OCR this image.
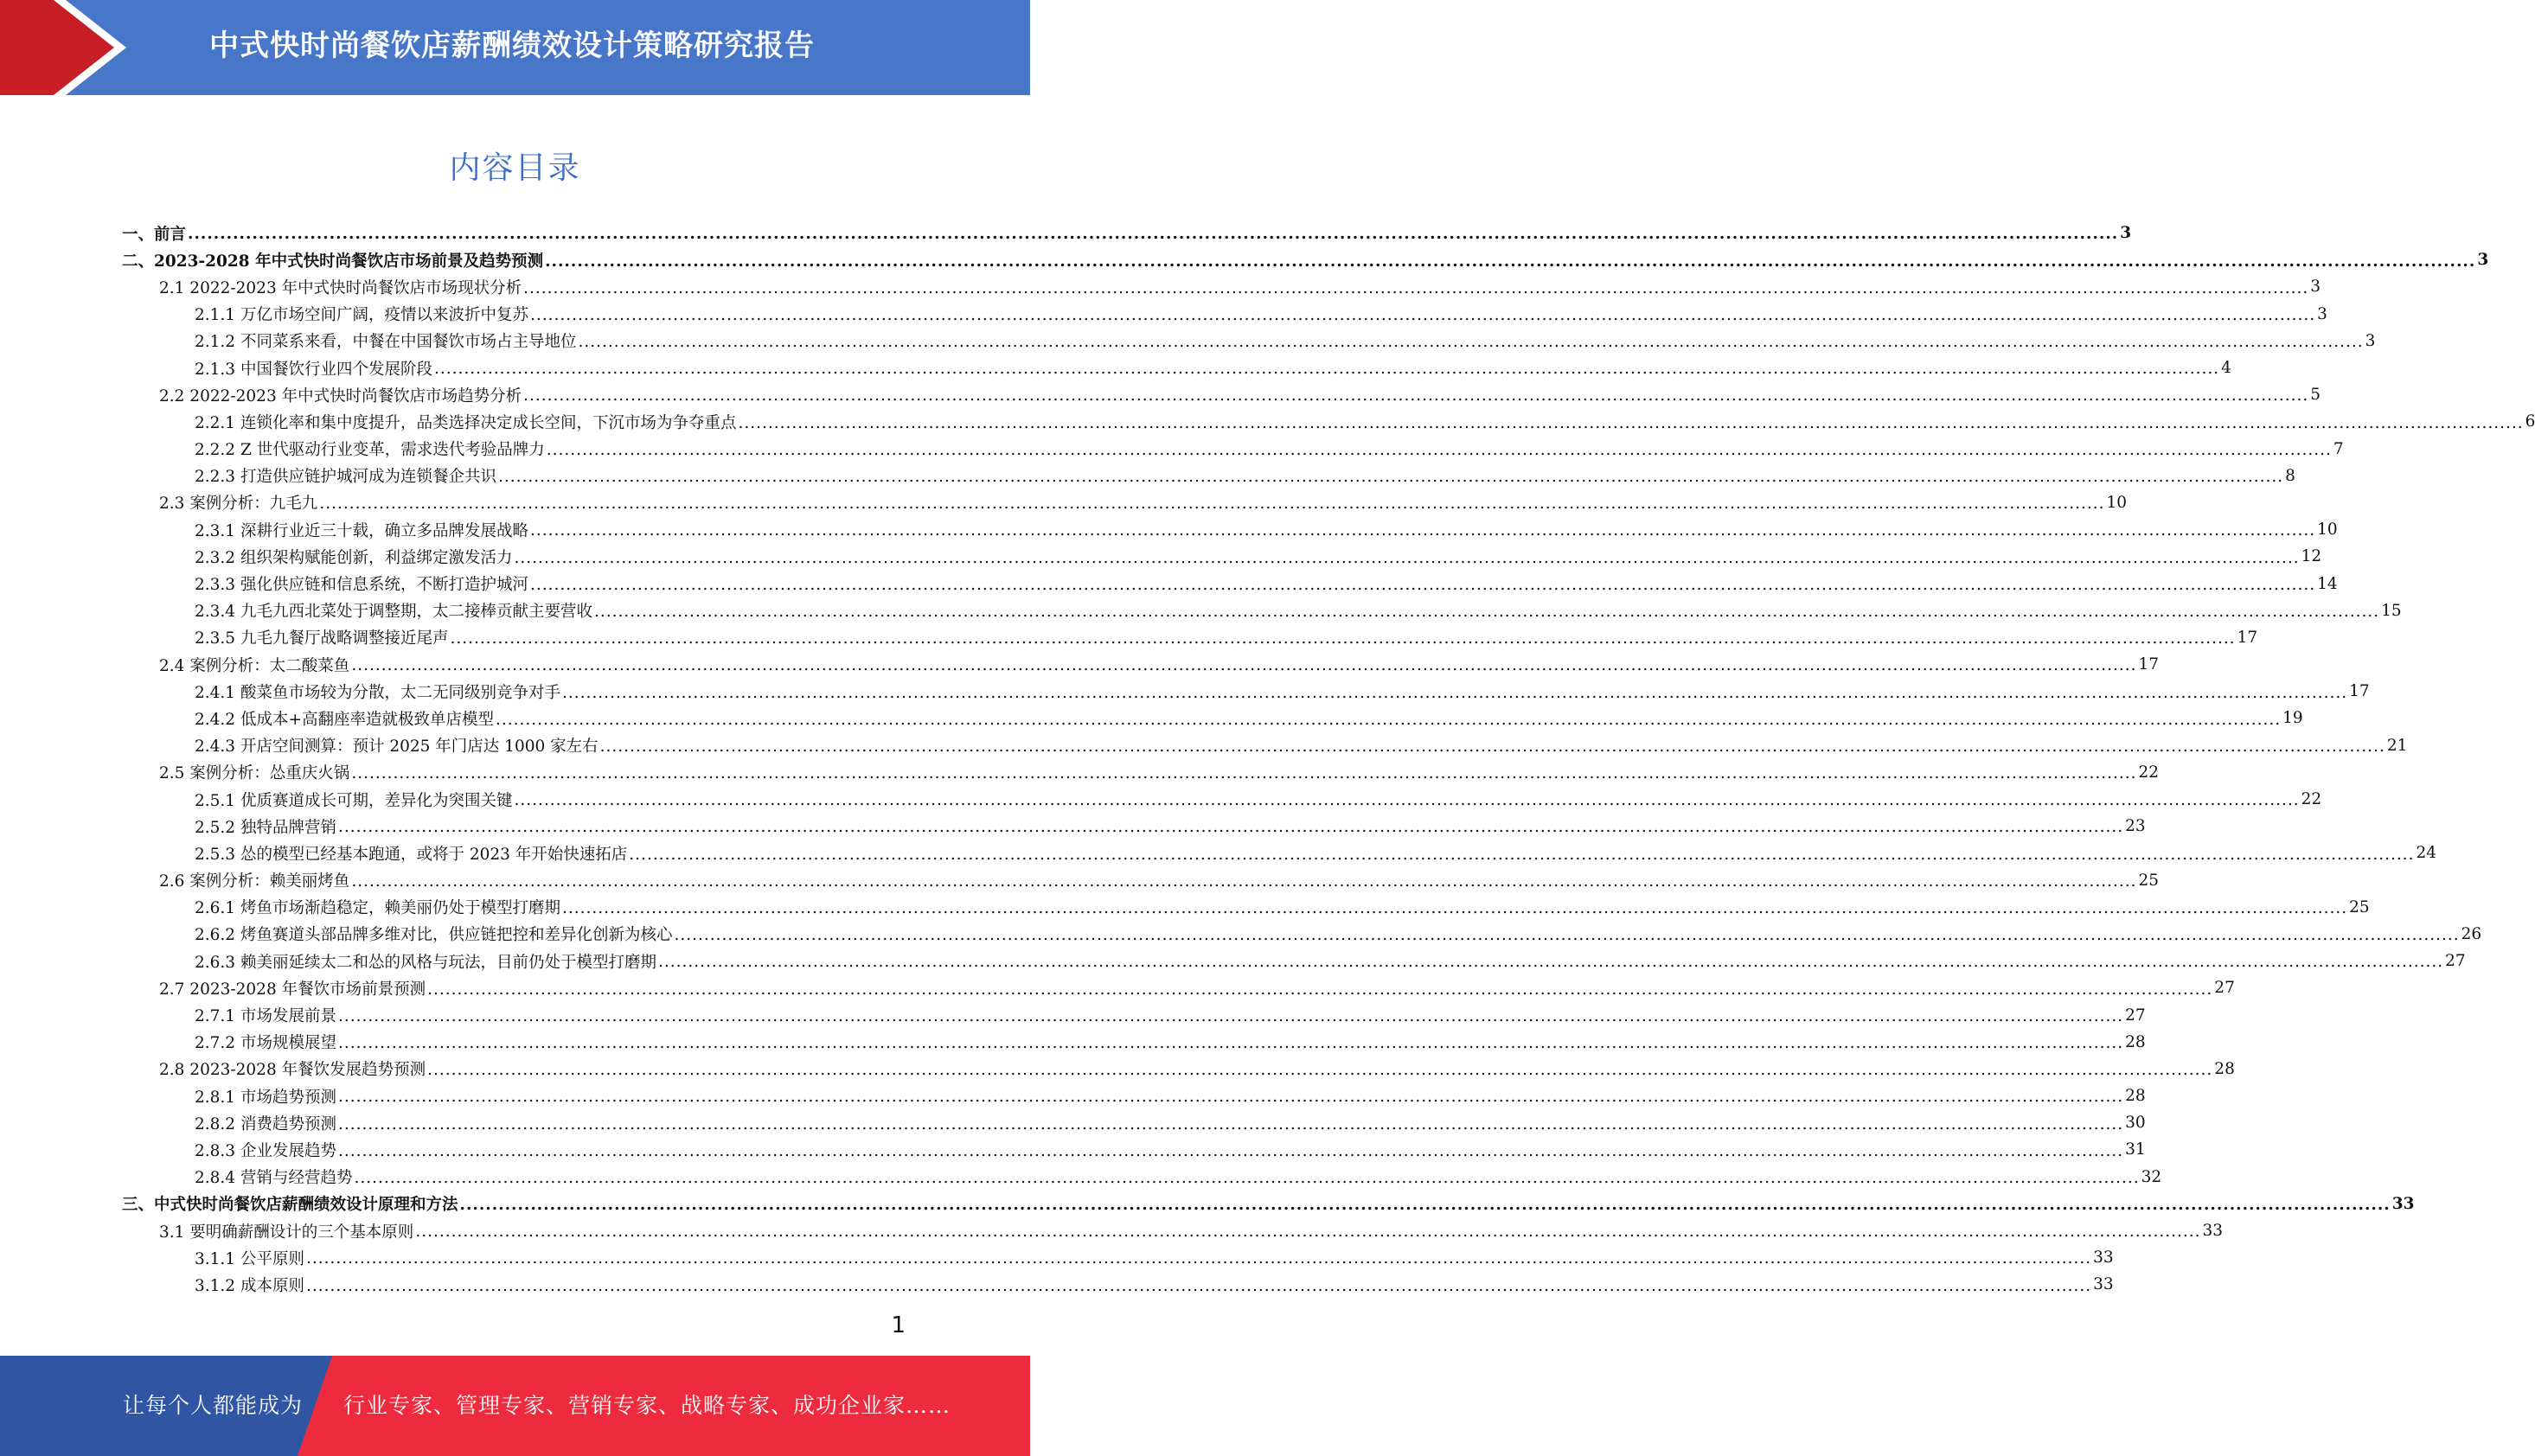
中式快时尚餐饮店薪酬绩效设计策略研究报告
内容目录
一、前言 ............................................................................................................................................................................................................................................................................................................ 3
二、2023-2028 年中式快时尚餐饮店市场前景及趋势预测 ............................................................................................................................................................................................................................................................................................................ 3
2.1 2022-2023 年中式快时尚餐饮店市场现状分析 ............................................................................................................................................................................................................................................................................................................ 3
2.1.1 万亿市场空间广阔，疫情以来波折中复苏 ............................................................................................................................................................................................................................................................................................................ 3
2.1.2 不同菜系来看，中餐在中国餐饮市场占主导地位 ............................................................................................................................................................................................................................................................................................................ 3
2.1.3 中国餐饮行业四个发展阶段 ............................................................................................................................................................................................................................................................................................................ 4
2.2 2022-2023 年中式快时尚餐饮店市场趋势分析 ............................................................................................................................................................................................................................................................................................................ 5
2.2.1 连锁化率和集中度提升，品类选择决定成长空间，下沉市场为争夺重点 ............................................................................................................................................................................................................................................................................................................ 6
2.2.2 Z 世代驱动行业变革，需求迭代考验品牌力 ............................................................................................................................................................................................................................................................................................................ 7
2.2.3 打造供应链护城河成为连锁餐企共识 ............................................................................................................................................................................................................................................................................................................ 8
2.3 案例分析：九毛九 ............................................................................................................................................................................................................................................................................................................ 10
2.3.1 深耕行业近三十载，确立多品牌发展战略 ............................................................................................................................................................................................................................................................................................................ 10
2.3.2 组织架构赋能创新，利益绑定激发活力 ............................................................................................................................................................................................................................................................................................................ 12
2.3.3 强化供应链和信息系统，不断打造护城河 ............................................................................................................................................................................................................................................................................................................ 14
2.3.4 九毛九西北菜处于调整期，太二接棒贡献主要营收 ............................................................................................................................................................................................................................................................................................................ 15
2.3.5 九毛九餐厅战略调整接近尾声 ............................................................................................................................................................................................................................................................................................................ 17
2.4 案例分析：太二酸菜鱼 ............................................................................................................................................................................................................................................................................................................ 17
2.4.1 酸菜鱼市场较为分散，太二无同级别竞争对手 ............................................................................................................................................................................................................................................................................................................ 17
2.4.2 低成本+高翻座率造就极致单店模型 ............................................................................................................................................................................................................................................................................................................ 19
2.4.3 开店空间测算：预计 2025 年门店达 1000 家左右 ............................................................................................................................................................................................................................................................................................................ 21
2.5 案例分析：怂重庆火锅 ............................................................................................................................................................................................................................................................................................................ 22
2.5.1 优质赛道成长可期，差异化为突围关键 ............................................................................................................................................................................................................................................................................................................ 22
2.5.2 独特品牌营销 ............................................................................................................................................................................................................................................................................................................ 23
2.5.3 怂的模型已经基本跑通，或将于 2023 年开始快速拓店 ............................................................................................................................................................................................................................................................................................................ 24
2.6 案例分析：赖美丽烤鱼 ............................................................................................................................................................................................................................................................................................................ 25
2.6.1 烤鱼市场渐趋稳定，赖美丽仍处于模型打磨期 ............................................................................................................................................................................................................................................................................................................ 25
2.6.2 烤鱼赛道头部品牌多维对比，供应链把控和差异化创新为核心 ............................................................................................................................................................................................................................................................................................................ 26
2.6.3 赖美丽延续太二和怂的风格与玩法，目前仍处于模型打磨期 ............................................................................................................................................................................................................................................................................................................ 27
2.7 2023-2028 年餐饮市场前景预测 ............................................................................................................................................................................................................................................................................................................ 27
2.7.1 市场发展前景 ............................................................................................................................................................................................................................................................................................................ 27
2.7.2 市场规模展望 ............................................................................................................................................................................................................................................................................................................ 28
2.8 2023-2028 年餐饮发展趋势预测 ............................................................................................................................................................................................................................................................................................................ 28
2.8.1 市场趋势预测 ............................................................................................................................................................................................................................................................................................................ 28
2.8.2 消费趋势预测 ............................................................................................................................................................................................................................................................................................................ 30
2.8.3 企业发展趋势 ............................................................................................................................................................................................................................................................................................................ 31
2.8.4 营销与经营趋势 ............................................................................................................................................................................................................................................................................................................ 32
三、中式快时尚餐饮店薪酬绩效设计原理和方法 ............................................................................................................................................................................................................................................................................................................ 33
3.1 要明确薪酬设计的三个基本原则 ............................................................................................................................................................................................................................................................................................................ 33
3.1.1 公平原则 ............................................................................................................................................................................................................................................................................................................ 33
3.1.2 成本原则 ............................................................................................................................................................................................................................................................................................................ 33
1
让每个人都能成为 行业专家、管理专家、营销专家、战略专家、成功企业家……
